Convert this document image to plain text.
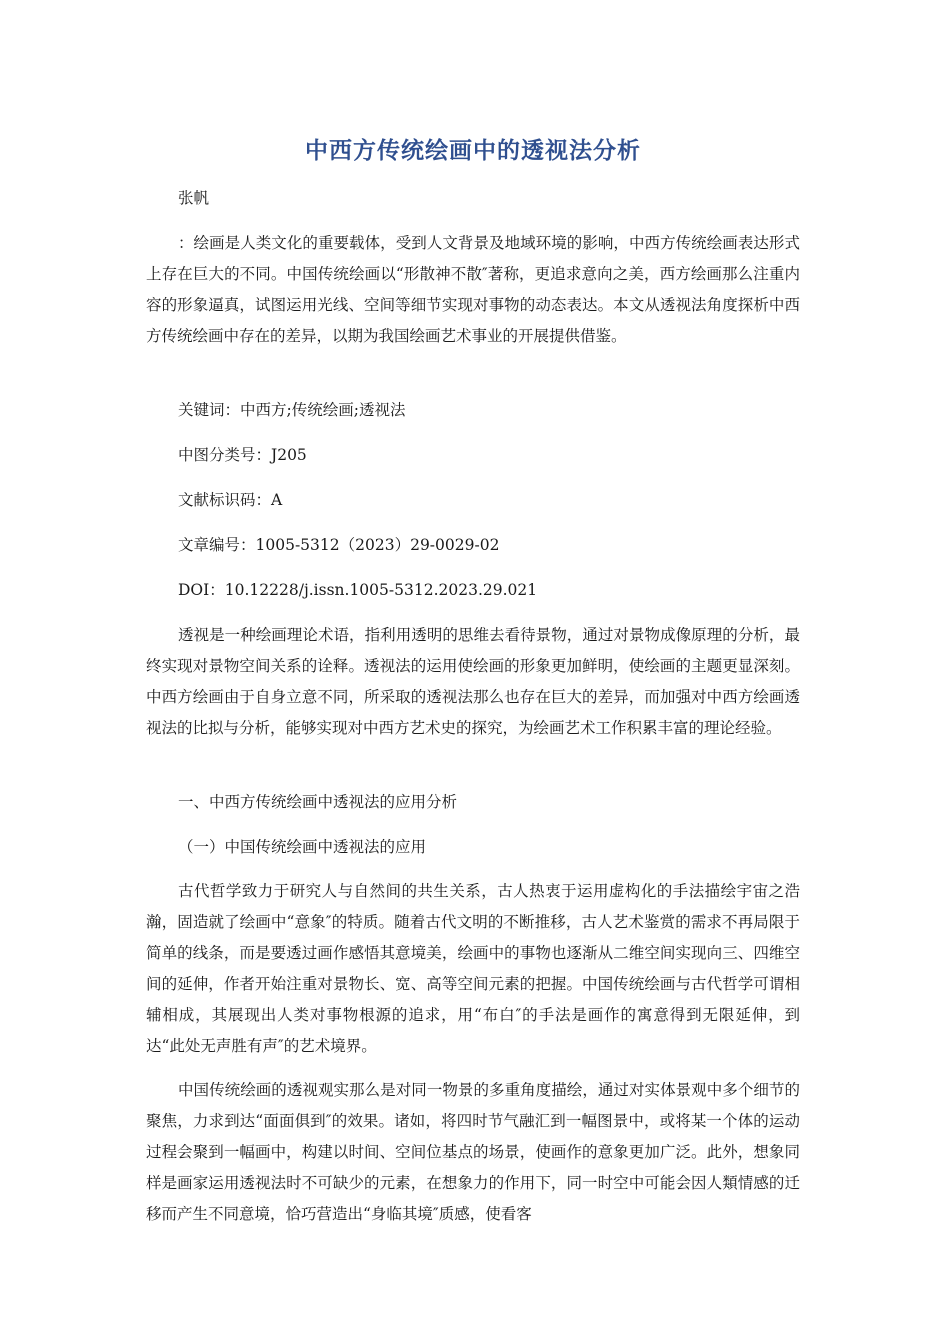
中西方传统绘画中的透视法分析

张帆

：绘画是人类文化的重要载体，受到人文背景及地域环境的影响，中西方传统绘画表达形式上存在巨大的不同。中国传统绘画以“形散神不散″著称，更追求意向之美，西方绘画那么注重内容的形象逼真，试图运用光线、空间等细节实现对事物的动态表达。本文从透视法角度探析中西方传统绘画中存在的差异，以期为我国绘画艺术事业的开展提供借鉴。

关键词：中西方;传统绘画;透视法

中图分类号：J205

文献标识码：A

文章编号：1005-5312（2023）29-0029-02

DOI：10.12228/j.issn.1005-5312.2023.29.021

透视是一种绘画理论术语，指利用透明的思维去看待景物，通过对景物成像原理的分析，最终实现对景物空间关系的诠释。透视法的运用使绘画的形象更加鲜明，使绘画的主题更显深刻。中西方绘画由于自身立意不同，所采取的透视法那么也存在巨大的差异，而加强对中西方绘画透视法的比拟与分析，能够实现对中西方艺术史的探究，为绘画艺术工作积累丰富的理论经验。

一、中西方传统绘画中透视法的应用分析

（一）中国传统绘画中透视法的应用

古代哲学致力于研究人与自然间的共生关系，古人热衷于运用虚构化的手法描绘宇宙之浩瀚，固造就了绘画中“意象″的特质。随着古代文明的不断推移，古人艺术鉴赏的需求不再局限于简单的线条，而是要透过画作感悟其意境美，绘画中的事物也逐渐从二维空间实现向三、四维空间的延伸，作者开始注重对景物长、宽、高等空间元素的把握。中国传统绘画与古代哲学可谓相辅相成，其展现出人类对事物根源的追求，用“布白″的手法是画作的寓意得到无限延伸，到达“此处无声胜有声″的艺术境界。

中国传统绘画的透视观实那么是对同一物景的多重角度描绘，通过对实体景观中多个细节的聚焦，力求到达“面面俱到″的效果。诸如，将四时节气融汇到一幅图景中，或将某一个体的运动过程会聚到一幅画中，构建以时间、空间位基点的场景，使画作的意象更加广泛。此外，想象同样是画家运用透视法时不可缺少的元素，在想象力的作用下，同一时空中可能会因人類情感的迁移而产生不同意境，恰巧营造出“身临其境″质感，使看客
